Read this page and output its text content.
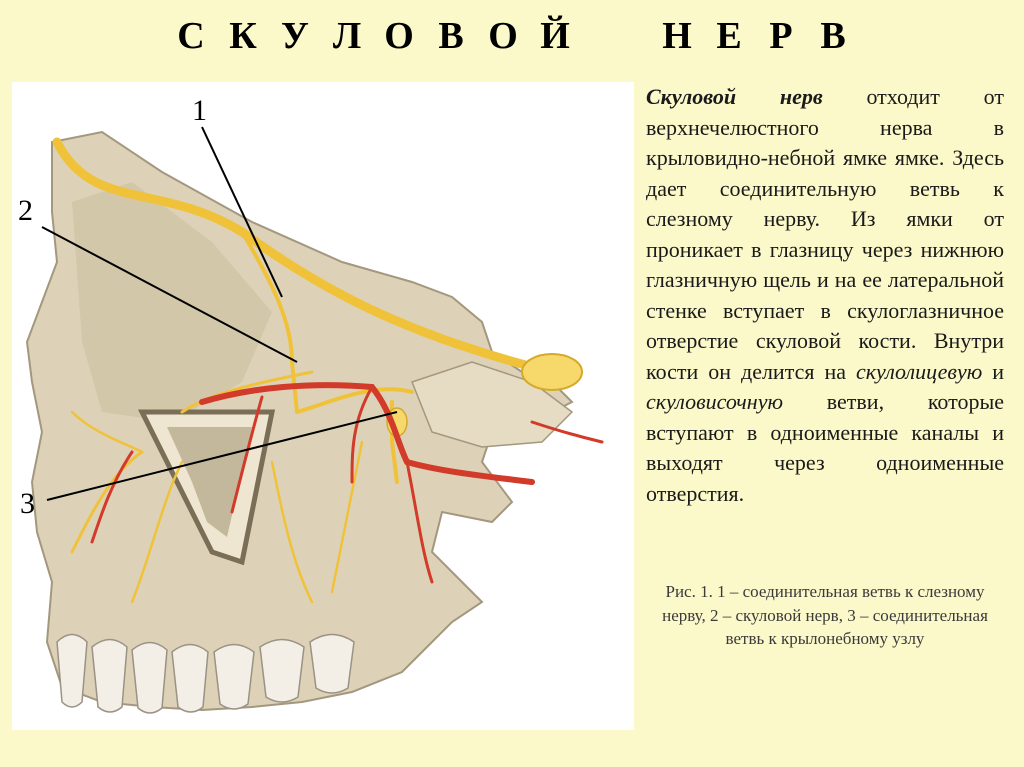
С К У Л О В О Й Н Е Р В
1
2
3

Скуловой нерв отходит от верхнечелюстного нерва в крыловидно-небной ямке ямке. Здесь дает соединительную ветвь к слезному нерву. Из ямки от проникает в глазницу через нижнюю глазничную щель и на ее латеральной стенке вступает в скулоглазничное отверстие скуловой кости. Внутри кости он делится на скулолицевую и скуловисочную ветви, которые вступают в одноименные каналы и выходят через одноименные отверстия.

Рис. 1. 1 – соединительная ветвь к слезному нерву, 2 – скуловой нерв, 3 – соединительная ветвь к крылонебному узлу
